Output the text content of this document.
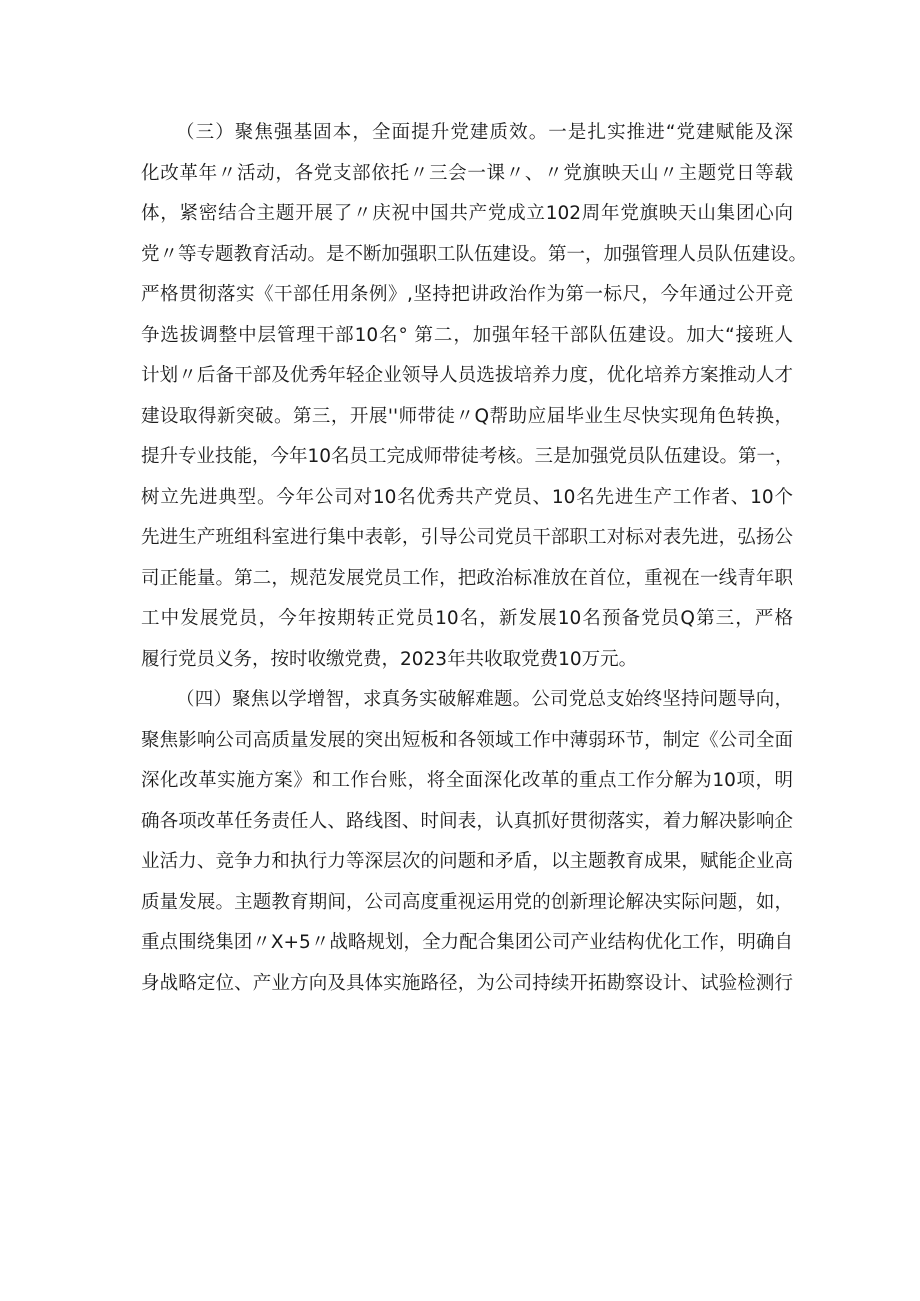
（三）聚焦强基固本，全面提升党建质效。一是扎实推进“党建赋能及深
化改革年〃活动，各党支部依托〃三会一课〃、〃党旗映天山〃主题党日等载
体，紧密结合主题开展了〃庆祝中国共产党成立102周年党旗映天山集团心向
党〃等专题教育活动。是不断加强职工队伍建设。第一，加强管理人员队伍建设。
严格贯彻落实《干部任用条例》,坚持把讲政治作为第一标尺，今年通过公开竞
争选拔调整中层管理干部10名° 第二，加强年轻干部队伍建设。加大“接班人
计划〃后备干部及优秀年轻企业领导人员选拔培养力度，优化培养方案推动人才
建设取得新突破。第三，开展''师带徒〃Q帮助应届毕业生尽快实现角色转换，
提升专业技能，今年10名员工完成师带徒考核。三是加强党员队伍建设。第一，
树立先进典型。今年公司对10名优秀共产党员、10名先进生产工作者、10个
先进生产班组科室进行集中表彰，引导公司党员干部职工对标对表先进，弘扬公
司正能量。第二，规范发展党员工作，把政治标准放在首位，重视在一线青年职
工中发展党员，今年按期转正党员10名，新发展10名预备党员Q第三，严格
履行党员义务，按时收缴党费，2023年共收取党费10万元。
（四）聚焦以学增智，求真务实破解难题。公司党总支始终坚持问题导向，
聚焦影响公司高质量发展的突出短板和各领域工作中薄弱环节，制定《公司全面
深化改革实施方案》和工作台账，将全面深化改革的重点工作分解为10项，明
确各项改革任务责任人、路线图、时间表，认真抓好贯彻落实，着力解决影响企
业活力、竞争力和执行力等深层次的问题和矛盾，以主题教育成果，赋能企业高
质量发展。主题教育期间，公司高度重视运用党的创新理论解决实际问题，如，
重点围绕集团〃X+5〃战略规划，全力配合集团公司产业结构优化工作，明确自
身战略定位、产业方向及具体实施路径，为公司持续开拓勘察设计、试验检测行
